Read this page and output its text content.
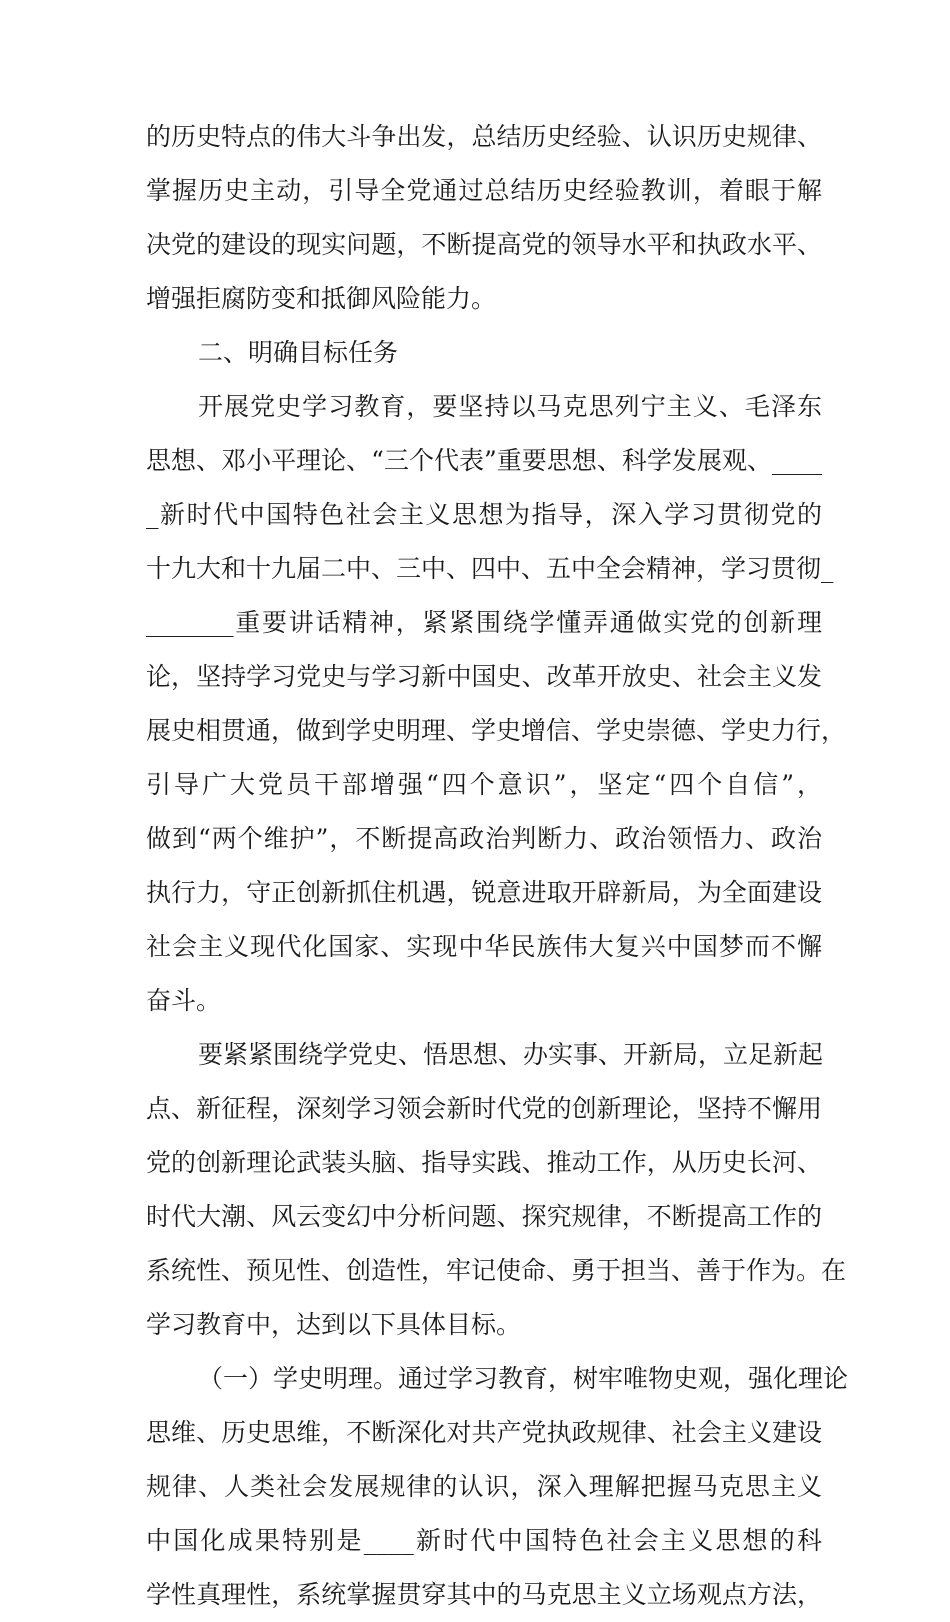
的历史特点的伟大斗争出发，总结历史经验、认识历史规律、
掌握历史主动，引导全党通过总结历史经验教训，着眼于解
决党的建设的现实问题，不断提高党的领导水平和执政水平、
增强拒腐防变和抵御风险能力。
二、明确目标任务
开展党史学习教育，要坚持以马克思列宁主义、毛泽东
思想、邓小平理论、“三个代表”重要思想、科学发展观、____
_新时代中国特色社会主义思想为指导，深入学习贯彻党的
十九大和十九届二中、三中、四中、五中全会精神，学习贯彻_
_______重要讲话精神，紧紧围绕学懂弄通做实党的创新理
论，坚持学习党史与学习新中国史、改革开放史、社会主义发
展史相贯通，做到学史明理、学史增信、学史崇德、学史力行，
引导广大党员干部增强“四个意识”，坚定“四个自信”，
做到“两个维护”，不断提高政治判断力、政治领悟力、政治
执行力，守正创新抓住机遇，锐意进取开辟新局，为全面建设
社会主义现代化国家、实现中华民族伟大复兴中国梦而不懈
奋斗。
要紧紧围绕学党史、悟思想、办实事、开新局，立足新起
点、新征程，深刻学习领会新时代党的创新理论，坚持不懈用
党的创新理论武装头脑、指导实践、推动工作，从历史长河、
时代大潮、风云变幻中分析问题、探究规律，不断提高工作的
系统性、预见性、创造性，牢记使命、勇于担当、善于作为。在
学习教育中，达到以下具体目标。
（一）学史明理。通过学习教育，树牢唯物史观，强化理论
思维、历史思维，不断深化对共产党执政规律、社会主义建设
规律、人类社会发展规律的认识，深入理解把握马克思主义
中国化成果特别是____新时代中国特色社会主义思想的科
学性真理性，系统掌握贯穿其中的马克思主义立场观点方法，
